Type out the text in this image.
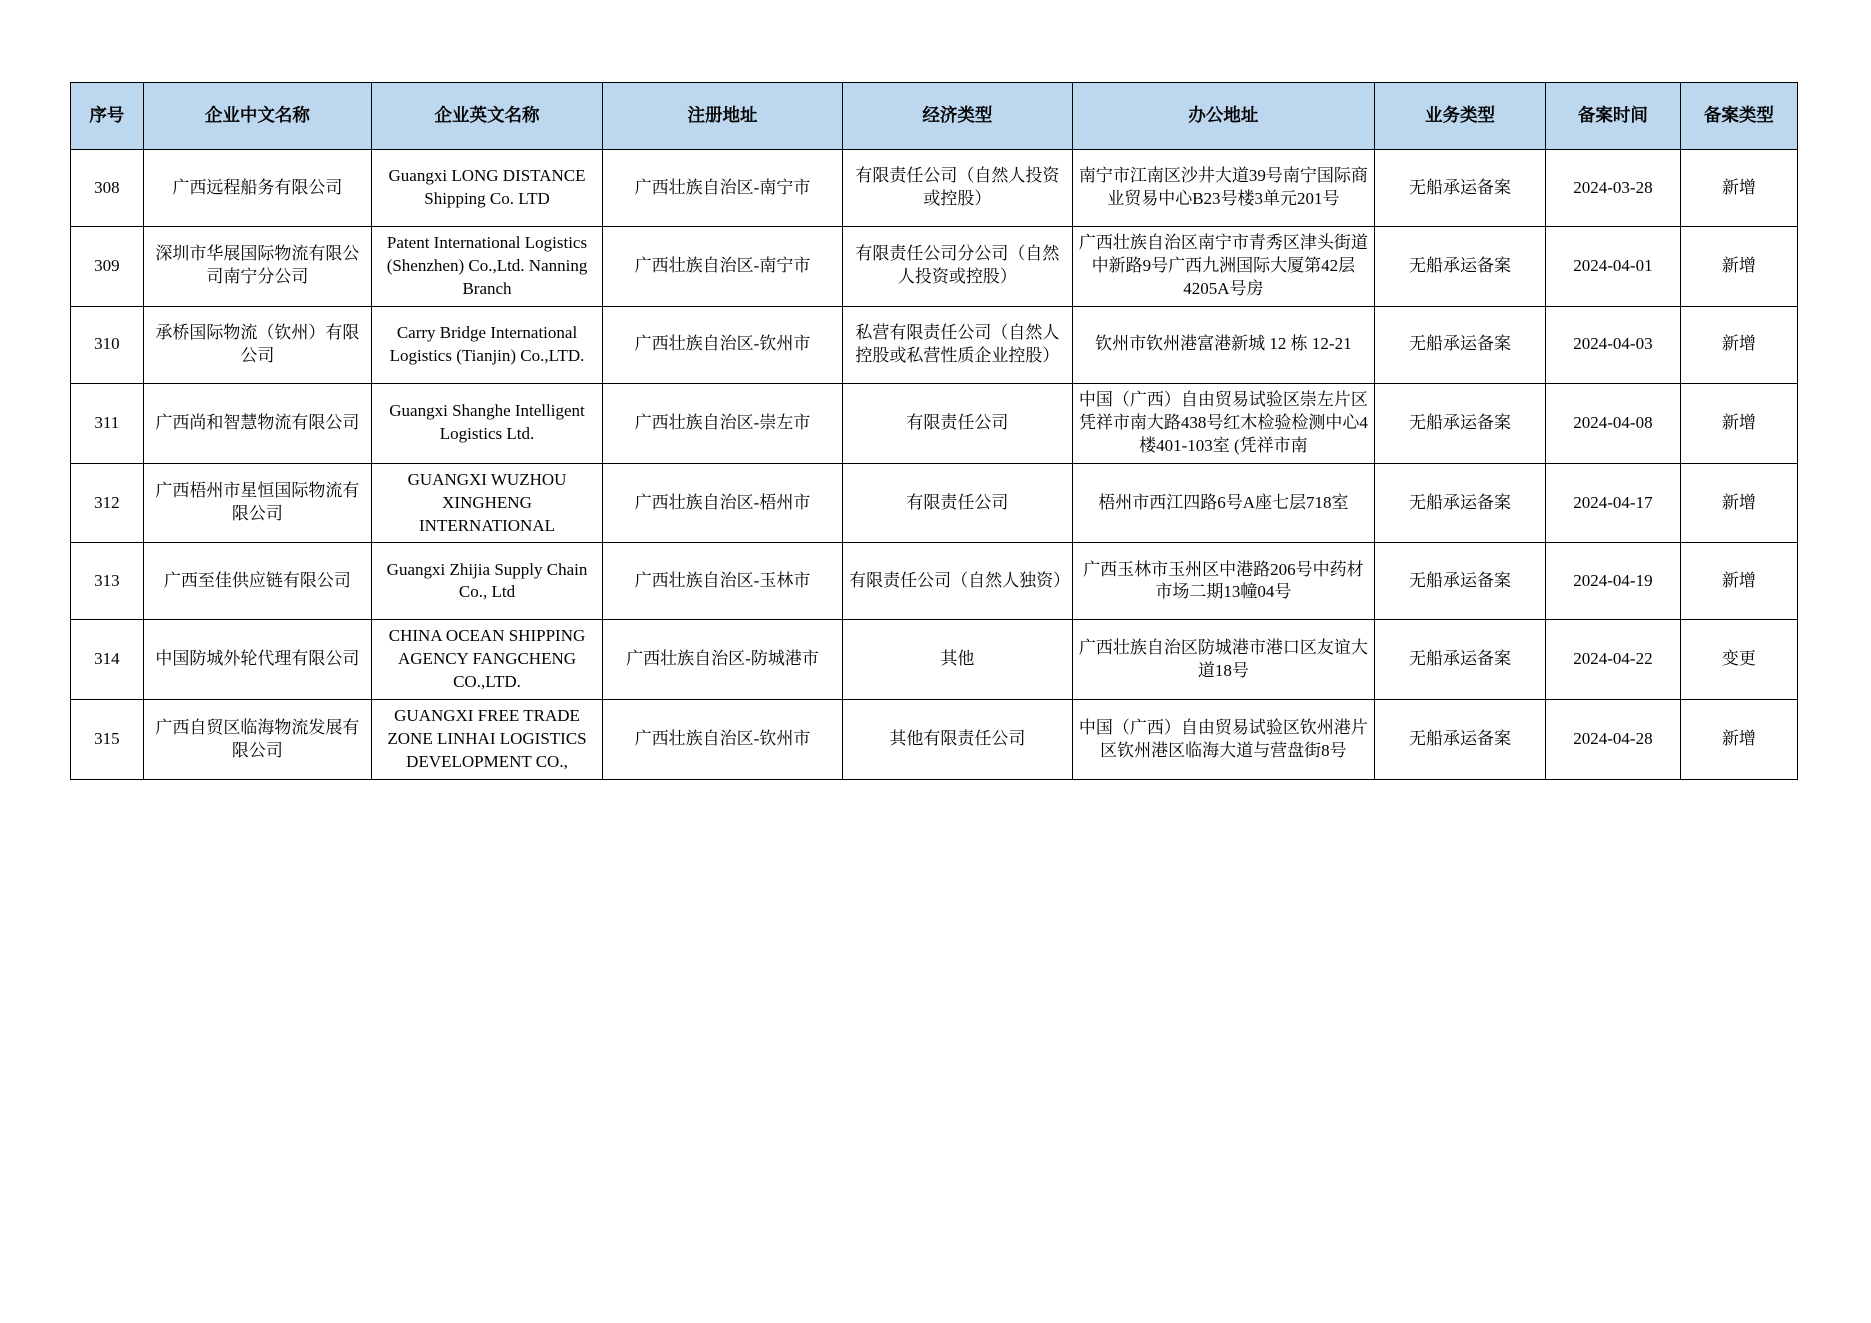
序号	企业中文名称	企业英文名称	注册地址	经济类型	办公地址	业务类型	备案时间	备案类型
308	广西远程船务有限公司	Guangxi LONG DISTANCE Shipping Co. LTD	广西壮族自治区-南宁市	有限责任公司（自然人投资或控股）	南宁市江南区沙井大道39号南宁国际商业贸易中心B23号楼3单元201号	无船承运备案	2024-03-28	新增
309	深圳市华展国际物流有限公司南宁分公司	Patent International Logistics (Shenzhen) Co.,Ltd. Nanning Branch	广西壮族自治区-南宁市	有限责任公司分公司（自然人投资或控股）	广西壮族自治区南宁市青秀区津头街道中新路9号广西九洲国际大厦第42层4205A号房	无船承运备案	2024-04-01	新增
310	承桥国际物流（钦州）有限公司	Carry Bridge International Logistics (Tianjin) Co.,LTD.	广西壮族自治区-钦州市	私营有限责任公司（自然人控股或私营性质企业控股）	钦州市钦州港富港新城 12 栋 12-21	无船承运备案	2024-04-03	新增
311	广西尚和智慧物流有限公司	Guangxi Shanghe Intelligent Logistics Ltd.	广西壮族自治区-崇左市	有限责任公司	中国（广西）自由贸易试验区崇左片区凭祥市南大路438号红木检验检测中心4楼401-103室 (凭祥市南	无船承运备案	2024-04-08	新增
312	广西梧州市星恒国际物流有限公司	GUANGXI WUZHOU XINGHENG INTERNATIONAL	广西壮族自治区-梧州市	有限责任公司	梧州市西江四路6号A座七层718室	无船承运备案	2024-04-17	新增
313	广西至佳供应链有限公司	Guangxi Zhijia Supply Chain Co., Ltd	广西壮族自治区-玉林市	有限责任公司（自然人独资）	广西玉林市玉州区中港路206号中药材市场二期13幢04号	无船承运备案	2024-04-19	新增
314	中国防城外轮代理有限公司	CHINA OCEAN SHIPPING AGENCY FANGCHENG CO.,LTD.	广西壮族自治区-防城港市	其他	广西壮族自治区防城港市港口区友谊大道18号	无船承运备案	2024-04-22	变更
315	广西自贸区临海物流发展有限公司	GUANGXI FREE TRADE ZONE LINHAI LOGISTICS DEVELOPMENT CO.,	广西壮族自治区-钦州市	其他有限责任公司	中国（广西）自由贸易试验区钦州港片区钦州港区临海大道与营盘街8号	无船承运备案	2024-04-28	新增
